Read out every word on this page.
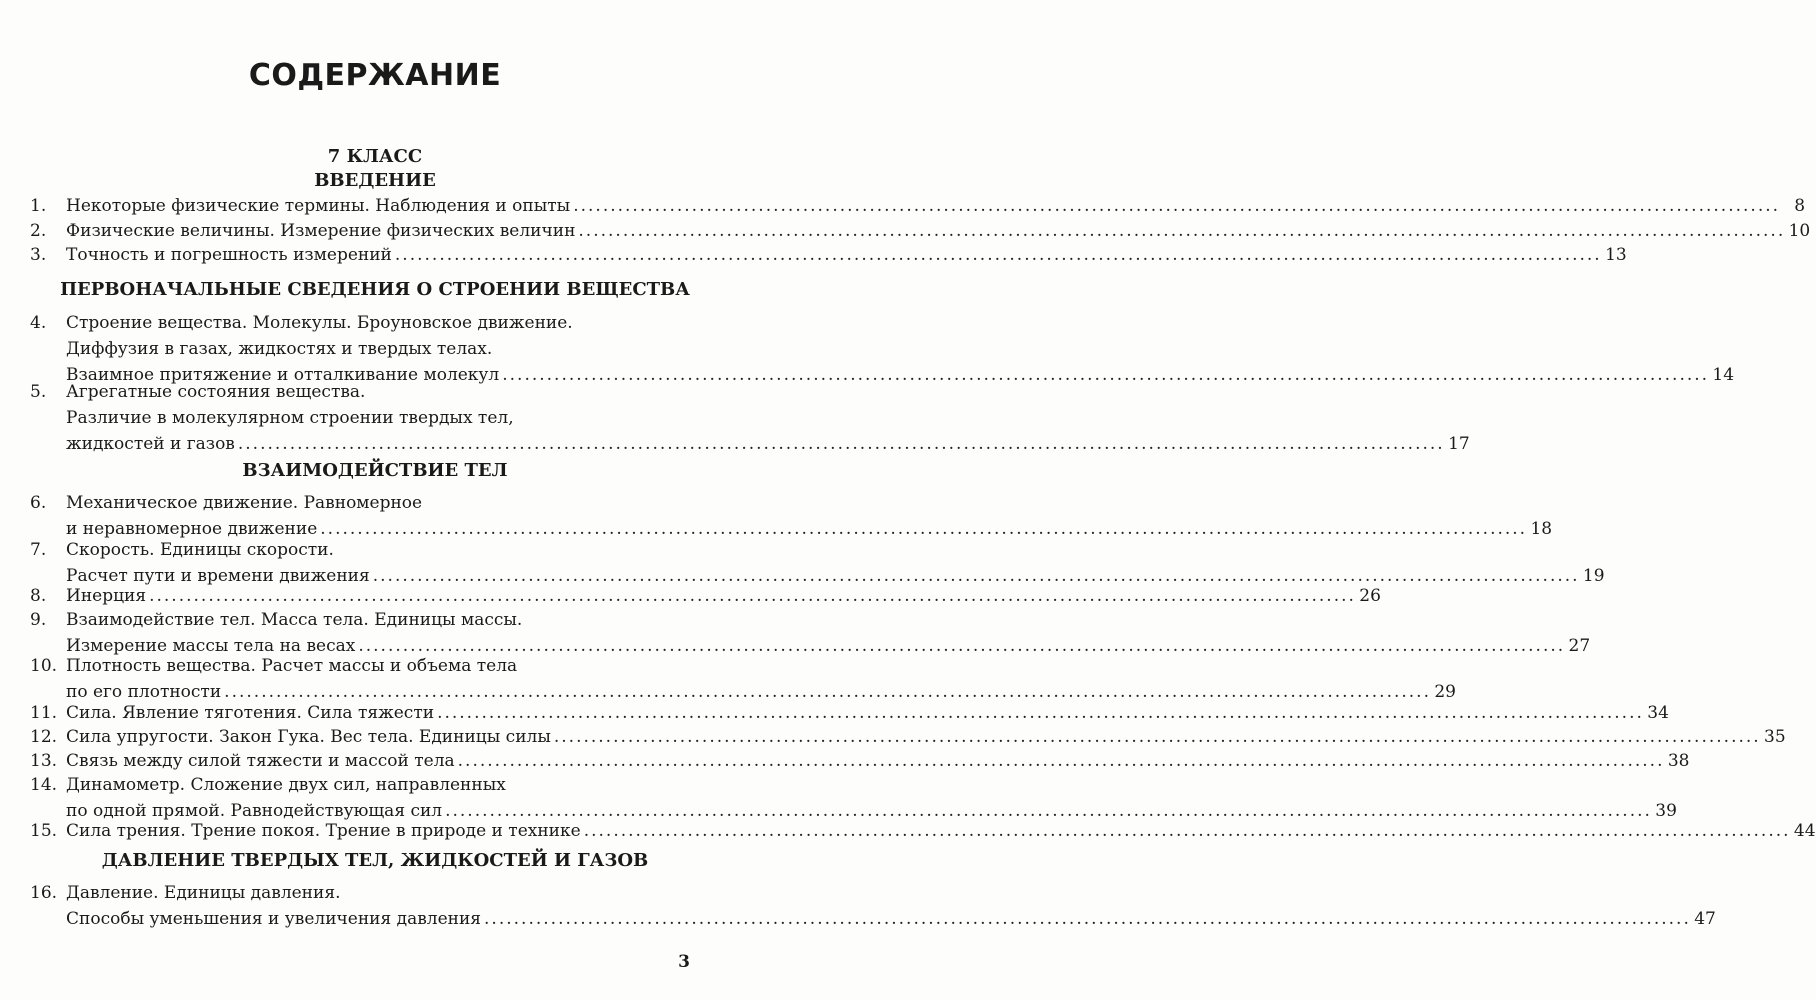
СОДЕРЖАНИЕ
7 КЛАСС
ВВЕДЕНИЕ
1.	Некоторые физические термины. Наблюдения и опыты ................................................................................................................................................................... 8
2.	Физические величины. Измерение физических величин ................................................................................................................................................................... 10
3.	Точность и погрешность измерений ................................................................................................................................................................... 13
ПЕРВОНАЧАЛЬНЫЕ СВЕДЕНИЯ О СТРОЕНИИ ВЕЩЕСТВА
4.	Строение вещества. Молекулы. Броуновское движение.
Диффузия в газах, жидкостях и твердых телах.
Взаимное притяжение и отталкивание молекул ................................................................................................................................................................... 14
5.	Агрегатные состояния вещества.
Различие в молекулярном строении твердых тел,
жидкостей и газов ................................................................................................................................................................... 17
ВЗАИМОДЕЙСТВИЕ ТЕЛ
6.	Механическое движение. Равномерное
и неравномерное движение ................................................................................................................................................................... 18
7.	Скорость. Единицы скорости.
Расчет пути и времени движения ................................................................................................................................................................... 19
8.	Инерция ................................................................................................................................................................... 26
9.	Взаимодействие тел. Масса тела. Единицы массы.
Измерение массы тела на весах ................................................................................................................................................................... 27
10. Плотность вещества. Расчет массы и объема тела
по его плотности ................................................................................................................................................................... 29
11. Сила. Явление тяготения. Сила тяжести ................................................................................................................................................................... 34
12. Сила упругости. Закон Гука. Вес тела. Единицы силы ................................................................................................................................................................... 35
13. Связь между силой тяжести и массой тела ................................................................................................................................................................... 38
14. Динамометр. Сложение двух сил, направленных
по одной прямой. Равнодействующая сил ................................................................................................................................................................... 39
15. Сила трения. Трение покоя. Трение в природе и технике ................................................................................................................................................................... 44
ДАВЛЕНИЕ ТВЕРДЫХ ТЕЛ, ЖИДКОСТЕЙ И ГАЗОВ
16. Давление. Единицы давления.
Способы уменьшения и увеличения давления ................................................................................................................................................................... 47
3
